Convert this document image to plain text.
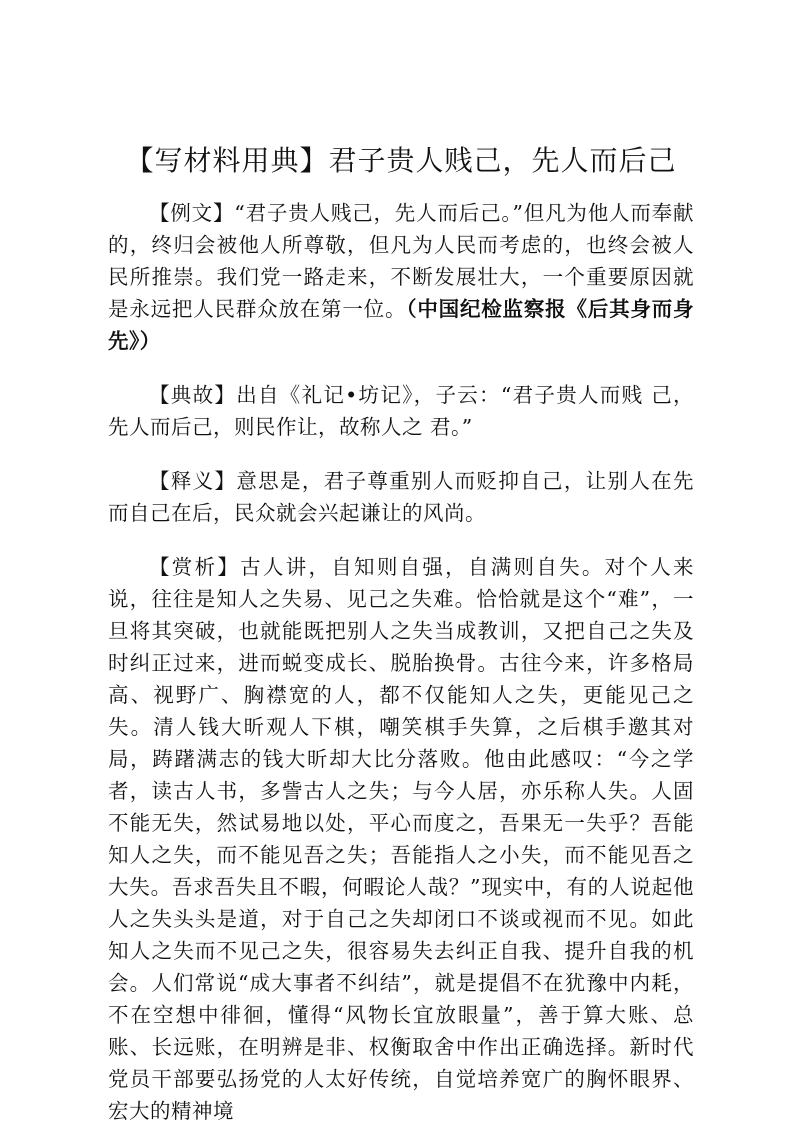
【写材料用典】君子贵人贱己，先人而后己

【例文】“君子贵人贱己，先人而后己。”但凡为他人而奉献的，终归会被他人所尊敬，但凡为人民而考虑的，也终会被人民所推崇。我们党一路走来，不断发展壮大，一个重要原因就是永远把人民群众放在第一位。（中国纪检监察报《后其身而身先》）

【典故】出自《礼记•坊记》，子云：“君子贵人而贱 己，先人而后己，则民作让，故称人之 君。”

【释义】意思是，君子尊重别人而贬抑自己，让别人在先而自己在后，民众就会兴起谦让的风尚。

【赏析】古人讲，自知则自强，自满则自失。对个人来说，往往是知人之失易、见己之失难。恰恰就是这个“难”，一旦将其突破，也就能既把别人之失当成教训，又把自己之失及时纠正过来，进而蜕变成长、脱胎换骨。古往今来，许多格局高、视野广、胸襟宽的人，都不仅能知人之失，更能见己之失。清人钱大昕观人下棋，嘲笑棋手失算，之后棋手邀其对局，踌躇满志的钱大昕却大比分落败。他由此感叹：“今之学者，读古人书，多訾古人之失；与今人居，亦乐称人失。人固不能无失，然试易地以处，平心而度之，吾果无一失乎？吾能知人之失，而不能见吾之失；吾能指人之小失，而不能见吾之大失。吾求吾失且不暇，何暇论人哉？”现实中，有的人说起他人之失头头是道，对于自己之失却闭口不谈或视而不见。如此知人之失而不见己之失，很容易失去纠正自我、提升自我的机会。人们常说“成大事者不纠结”，就是提倡不在犹豫中内耗，不在空想中徘徊，懂得“风物长宜放眼量”，善于算大账、总账、长远账，在明辨是非、权衡取舍中作出正确选择。新时代党员干部要弘扬党的人太好传统，自觉培养宽广的胸怀眼界、宏大的精神境
